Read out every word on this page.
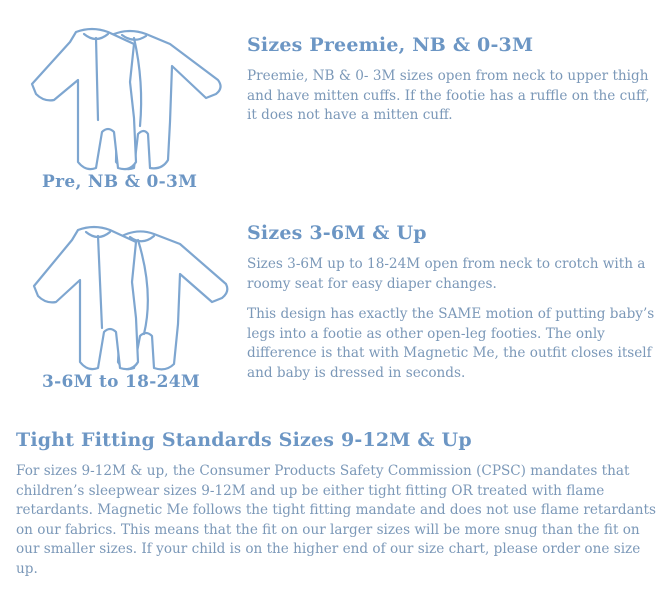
Pre, NB & 0-3M
Sizes Preemie, NB & 0-3M

Preemie, NB & 0- 3M sizes open from neck to upper thigh and have mitten cuffs. If the footie has a ruffle on the cuff, it does not have a mitten cuff.

3-6M to 18-24M
Sizes 3-6M & Up

Sizes 3-6M up to 18-24M open from neck to crotch with a roomy seat for easy diaper changes.

This design has exactly the SAME motion of putting baby’s legs into a footie as other open-leg footies. The only difference is that with Magnetic Me, the outfit closes itself and baby is dressed in seconds.

Tight Fitting Standards Sizes 9-12M & Up

For sizes 9-12M & up, the Consumer Products Safety Commission (CPSC) mandates that children’s sleepwear sizes 9-12M and up be either tight fitting OR treated with flame retardants. Magnetic Me follows the tight fitting mandate and does not use flame retardants on our fabrics. This means that the fit on our larger sizes will be more snug than the fit on our smaller sizes. If your child is on the higher end of our size chart, please order one size up.
